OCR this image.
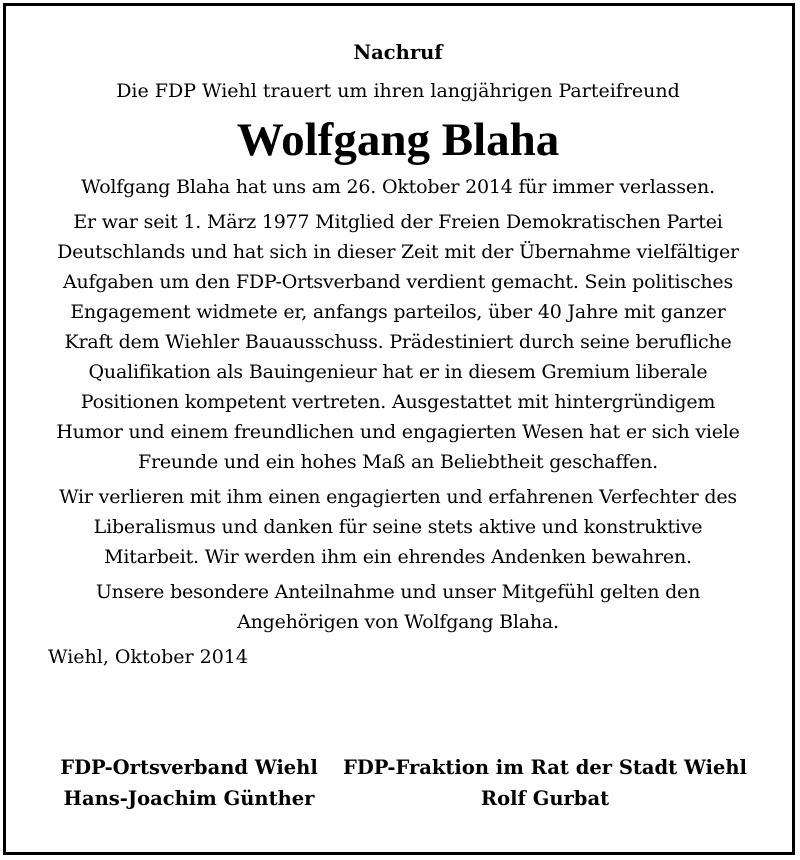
Nachruf
Die FDP Wiehl trauert um ihren langjährigen Parteifreund
Wolfgang Blaha
Wolfgang Blaha hat uns am 26. Oktober 2014 für immer verlassen.
Er war seit 1. März 1977 Mitglied der Freien Demokratischen Partei
Deutschlands und hat sich in dieser Zeit mit der Übernahme vielfältiger
Aufgaben um den FDP-Ortsverband verdient gemacht. Sein politisches
Engagement widmete er, anfangs parteilos, über 40 Jahre mit ganzer
Kraft dem Wiehler Bauausschuss. Prädestiniert durch seine berufliche
Qualifikation als Bauingenieur hat er in diesem Gremium liberale
Positionen kompetent vertreten. Ausgestattet mit hintergründigem
Humor und einem freundlichen und engagierten Wesen hat er sich viele
Freunde und ein hohes Maß an Beliebtheit geschaffen.
Wir verlieren mit ihm einen engagierten und erfahrenen Verfechter des
Liberalismus und danken für seine stets aktive und konstruktive
Mitarbeit. Wir werden ihm ein ehrendes Andenken bewahren.
Unsere besondere Anteilnahme und unser Mitgefühl gelten den
Angehörigen von Wolfgang Blaha.
Wiehl, Oktober 2014
FDP-Ortsverband Wiehl
Hans-Joachim Günther
FDP-Fraktion im Rat der Stadt Wiehl
Rolf Gurbat
